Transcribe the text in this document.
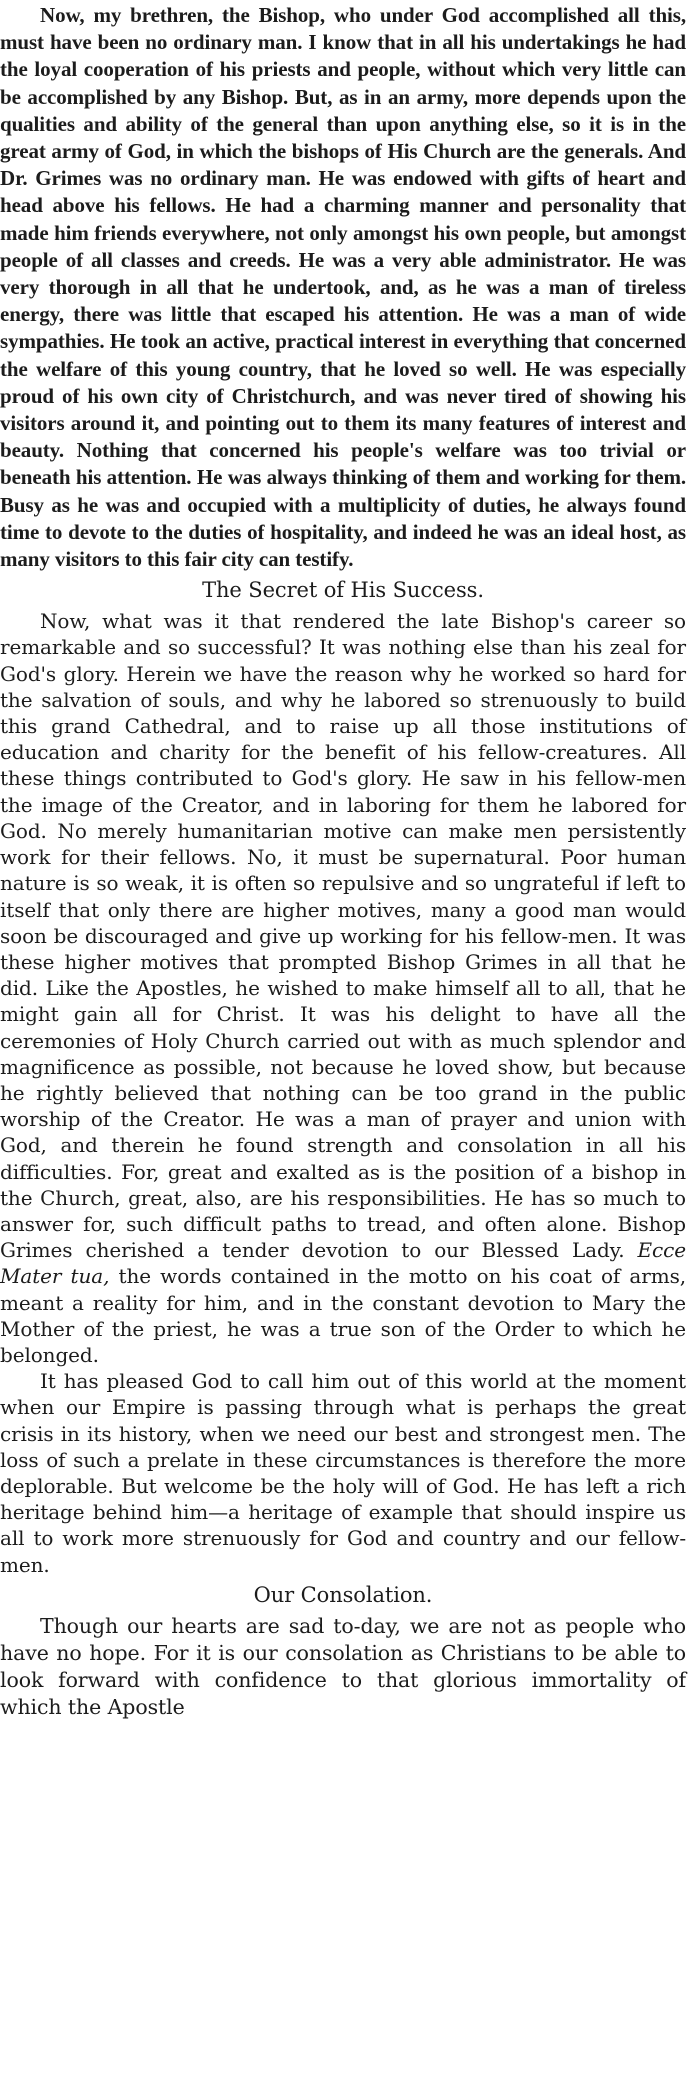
Now, my brethren, the Bishop, who under God accomplished all this, must have been no ordinary man. I know that in all his undertakings he had the loyal cooperation of his priests and people, without which very little can be accomplished by any Bishop. But, as in an army, more depends upon the qualities and ability of the general than upon anything else, so it is in the great army of God, in which the bishops of His Church are the generals. And Dr. Grimes was no ordinary man. He was endowed with gifts of heart and head above his fellows. He had a charming manner and personality that made him friends everywhere, not only amongst his own people, but amongst people of all classes and creeds. He was a very able administrator. He was very thorough in all that he undertook, and, as he was a man of tireless energy, there was little that escaped his attention. He was a man of wide sympathies. He took an active, practical interest in everything that concerned the welfare of this young country, that he loved so well. He was especially proud of his own city of Christchurch, and was never tired of showing his visitors around it, and pointing out to them its many features of interest and beauty. Nothing that concerned his people's welfare was too trivial or beneath his attention. He was always thinking of them and working for them. Busy as he was and occupied with a multiplicity of duties, he always found time to devote to the duties of hospitality, and indeed he was an ideal host, as many visitors to this fair city can testify.

The Secret of His Success.

Now, what was it that rendered the late Bishop's career so remarkable and so successful? It was nothing else than his zeal for God's glory. Herein we have the reason why he worked so hard for the salvation of souls, and why he labored so strenuously to build this grand Cathedral, and to raise up all those institutions of education and charity for the benefit of his fellow-creatures. All these things contributed to God's glory. He saw in his fellow-men the image of the Creator, and in laboring for them he labored for God. No merely humanitarian motive can make men persistently work for their fellows. No, it must be supernatural. Poor human nature is so weak, it is often so repulsive and so ungrateful if left to itself that only there are higher motives, many a good man would soon be discouraged and give up working for his fellow-men. It was these higher motives that prompted Bishop Grimes in all that he did. Like the Apostles, he wished to make himself all to all, that he might gain all for Christ. It was his delight to have all the ceremonies of Holy Church carried out with as much splendor and magnificence as possible, not because he loved show, but because he rightly believed that nothing can be too grand in the public worship of the Creator. He was a man of prayer and union with God, and therein he found strength and consolation in all his difficulties. For, great and exalted as is the position of a bishop in the Church, great, also, are his responsibilities. He has so much to answer for, such difficult paths to tread, and often alone. Bishop Grimes cherished a tender devotion to our Blessed Lady. Ecce Mater tua, the words contained in the motto on his coat of arms, meant a reality for him, and in the constant devotion to Mary the Mother of the priest, he was a true son of the Order to which he belonged.

It has pleased God to call him out of this world at the moment when our Empire is passing through what is perhaps the great crisis in its history, when we need our best and strongest men. The loss of such a prelate in these circumstances is therefore the more deplorable. But welcome be the holy will of God. He has left a rich heritage behind him—a heritage of example that should inspire us all to work more strenuously for God and country and our fellow-men.

Our Consolation.

Though our hearts are sad to-day, we are not as people who have no hope. For it is our consolation as Christians to be able to look forward with confidence to that glorious immortality of which the Apostle
